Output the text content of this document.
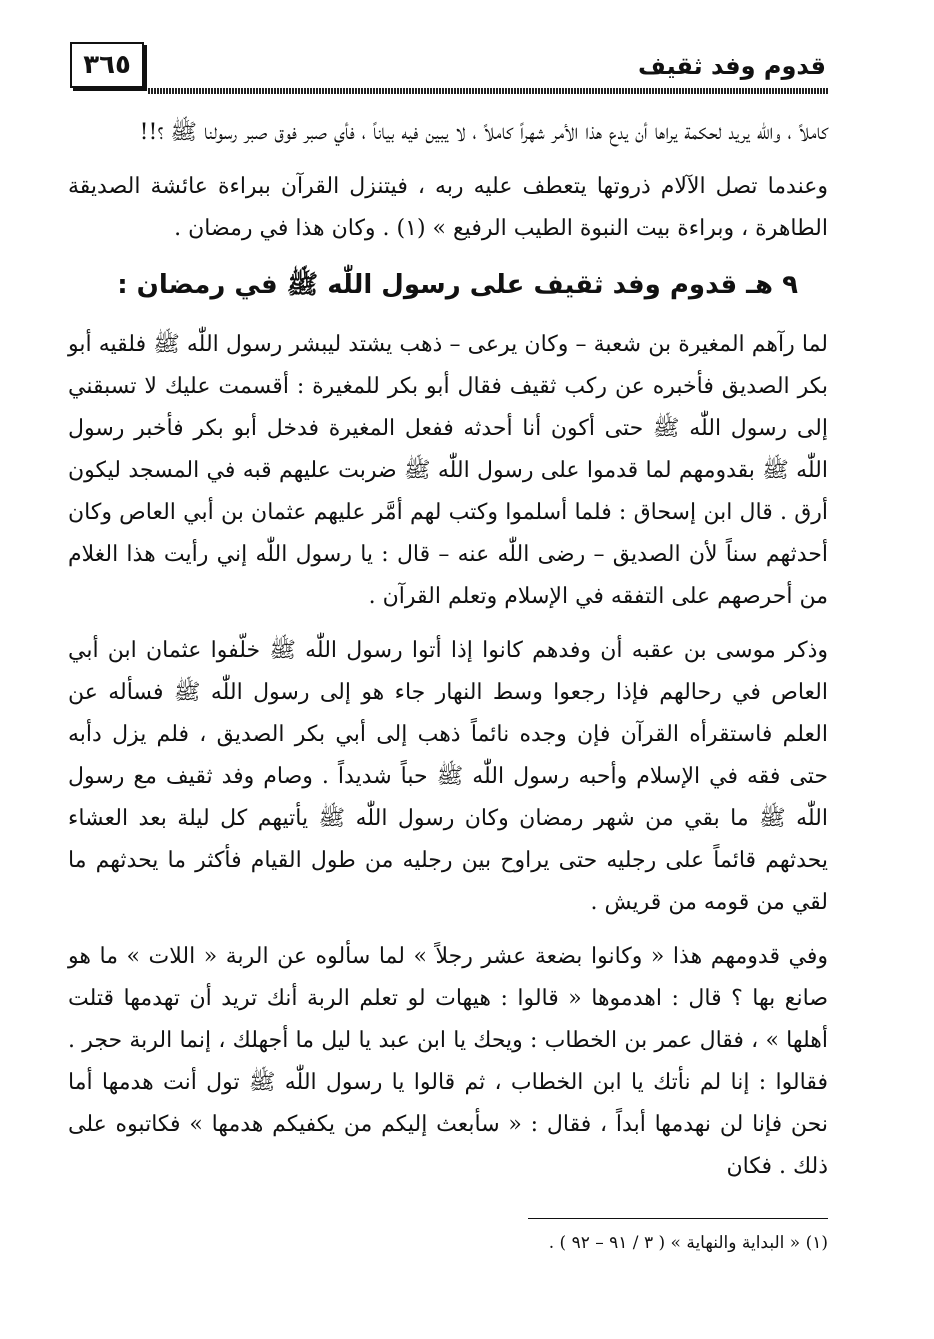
قدوم وفد ثقيف
٣٦٥

كاملاً ، واللّٰه يريد لحكمة يراها أن يدع هذا الأمر شهراً كاملاً ، لا يبين فيه بياناً ، فأي صبر فوق صبر رسولنا ﷺ ؟!!

وعندما تصل الآلام ذروتها يتعطف عليه ربه ، فيتنزل القرآن ببراءة عائشة الصديقة الطاهرة ، وبراءة بيت النبوة الطيب الرفيع » (١) . وكان هذا في رمضان .

٩ هـ قدوم وفد ثقيف على رسول اللّٰه ﷺ في رمضان :

لما رآهم المغيرة بن شعبة – وكان يرعى – ذهب يشتد ليبشر رسول اللّٰه ﷺ فلقيه أبو بكر الصديق فأخبره عن ركب ثقيف فقال أبو بكر للمغيرة : أقسمت عليك لا تسبقني إلى رسول اللّٰه ﷺ حتى أكون أنا أحدثه ففعل المغيرة فدخل أبو بكر فأخبر رسول اللّٰه ﷺ بقدومهم لما قدموا على رسول اللّٰه ﷺ ضربت عليهم قبه في المسجد ليكون أرق . قال ابن إسحاق : فلما أسلموا وكتب لهم أمَّر عليهم عثمان بن أبي العاص وكان أحدثهم سناً لأن الصديق – رضى اللّٰه عنه – قال : يا رسول اللّٰه إني رأيت هذا الغلام من أحرصهم على التفقه في الإسلام وتعلم القرآن .

وذكر موسى بن عقبه أن وفدهم كانوا إذا أتوا رسول اللّٰه ﷺ خلّفوا عثمان ابن أبي العاص في رحالهم فإذا رجعوا وسط النهار جاء هو إلى رسول اللّٰه ﷺ فسأله عن العلم فاستقرأه القرآن فإن وجده نائماً ذهب إلى أبي بكر الصديق ، فلم يزل دأبه حتى فقه في الإسلام وأحبه رسول اللّٰه ﷺ حباً شديداً . وصام وفد ثقيف مع رسول اللّٰه ﷺ ما بقي من شهر رمضان وكان رسول اللّٰه ﷺ يأتيهم كل ليلة بعد العشاء يحدثهم قائماً على رجليه حتى يراوح بين رجليه من طول القيام فأكثر ما يحدثهم ما لقي من قومه من قريش .

وفي قدومهم هذا « وكانوا بضعة عشر رجلاً » لما سألوه عن الربة « اللات » ما هو صانع بها ؟ قال : اهدموها « قالوا : هيهات لو تعلم الربة أنك تريد أن تهدمها قتلت أهلها » ، فقال عمر بن الخطاب : ويحك يا ابن عبد يا ليل ما أجهلك ، إنما الربة حجر . فقالوا : إنا لم نأتك يا ابن الخطاب ، ثم قالوا يا رسول اللّٰه ﷺ تول أنت هدمها أما نحن فإنا لن نهدمها أبداً ، فقال : « سأبعث إليكم من يكفيكم هدمها » فكاتبوه على ذلك . فكان

(١) « البداية والنهاية » ( ٣ / ٩١ – ٩٢ ) .
